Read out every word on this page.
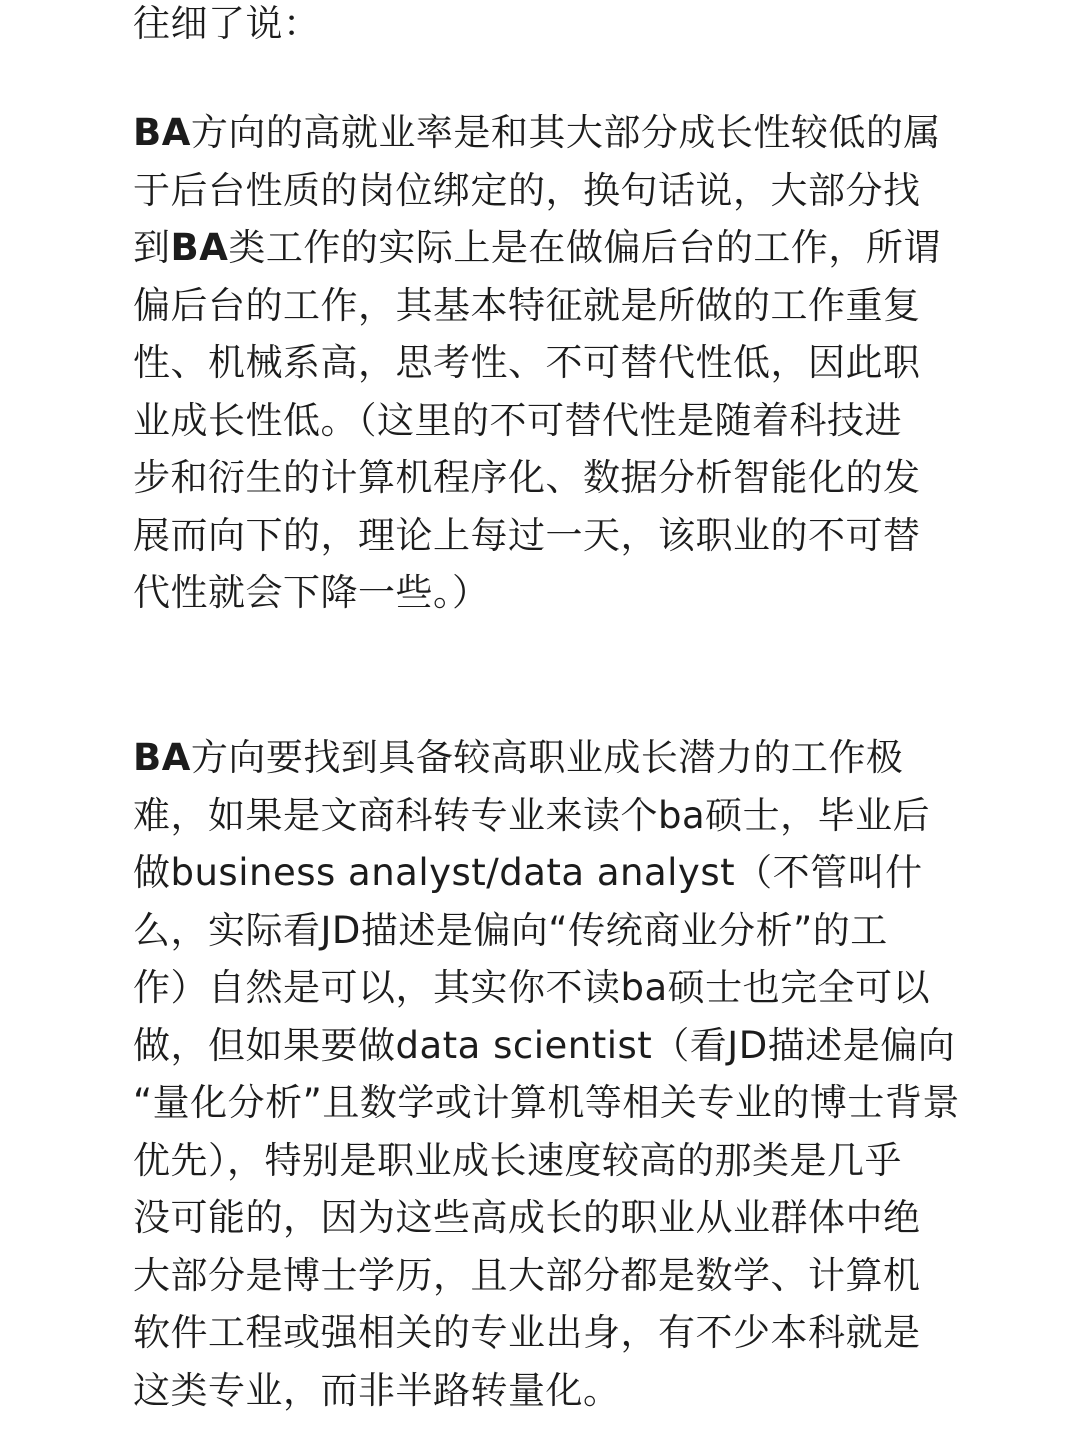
往细了说：

BA方向的高就业率是和其大部分成长性较低的属
于后台性质的岗位绑定的，换句话说，大部分找
到BA类工作的实际上是在做偏后台的工作，所谓
偏后台的工作，其基本特征就是所做的工作重复
性、机械系高，思考性、不可替代性低，因此职
业成长性低。（这里的不可替代性是随着科技进
步和衍生的计算机程序化、数据分析智能化的发
展而向下的，理论上每过一天，该职业的不可替
代性就会下降一些。）

BA方向要找到具备较高职业成长潜力的工作极
难，如果是文商科转专业来读个ba硕士，毕业后
做business analyst/data analyst（不管叫什
么，实际看JD描述是偏向“传统商业分析”的工
作）自然是可以，其实你不读ba硕士也完全可以
做，但如果要做data scientist（看JD描述是偏向
“量化分析”且数学或计算机等相关专业的博士背景
优先），特别是职业成长速度较高的那类是几乎
没可能的，因为这些高成长的职业从业群体中绝
大部分是博士学历，且大部分都是数学、计算机
软件工程或强相关的专业出身，有不少本科就是
这类专业，而非半路转量化。
